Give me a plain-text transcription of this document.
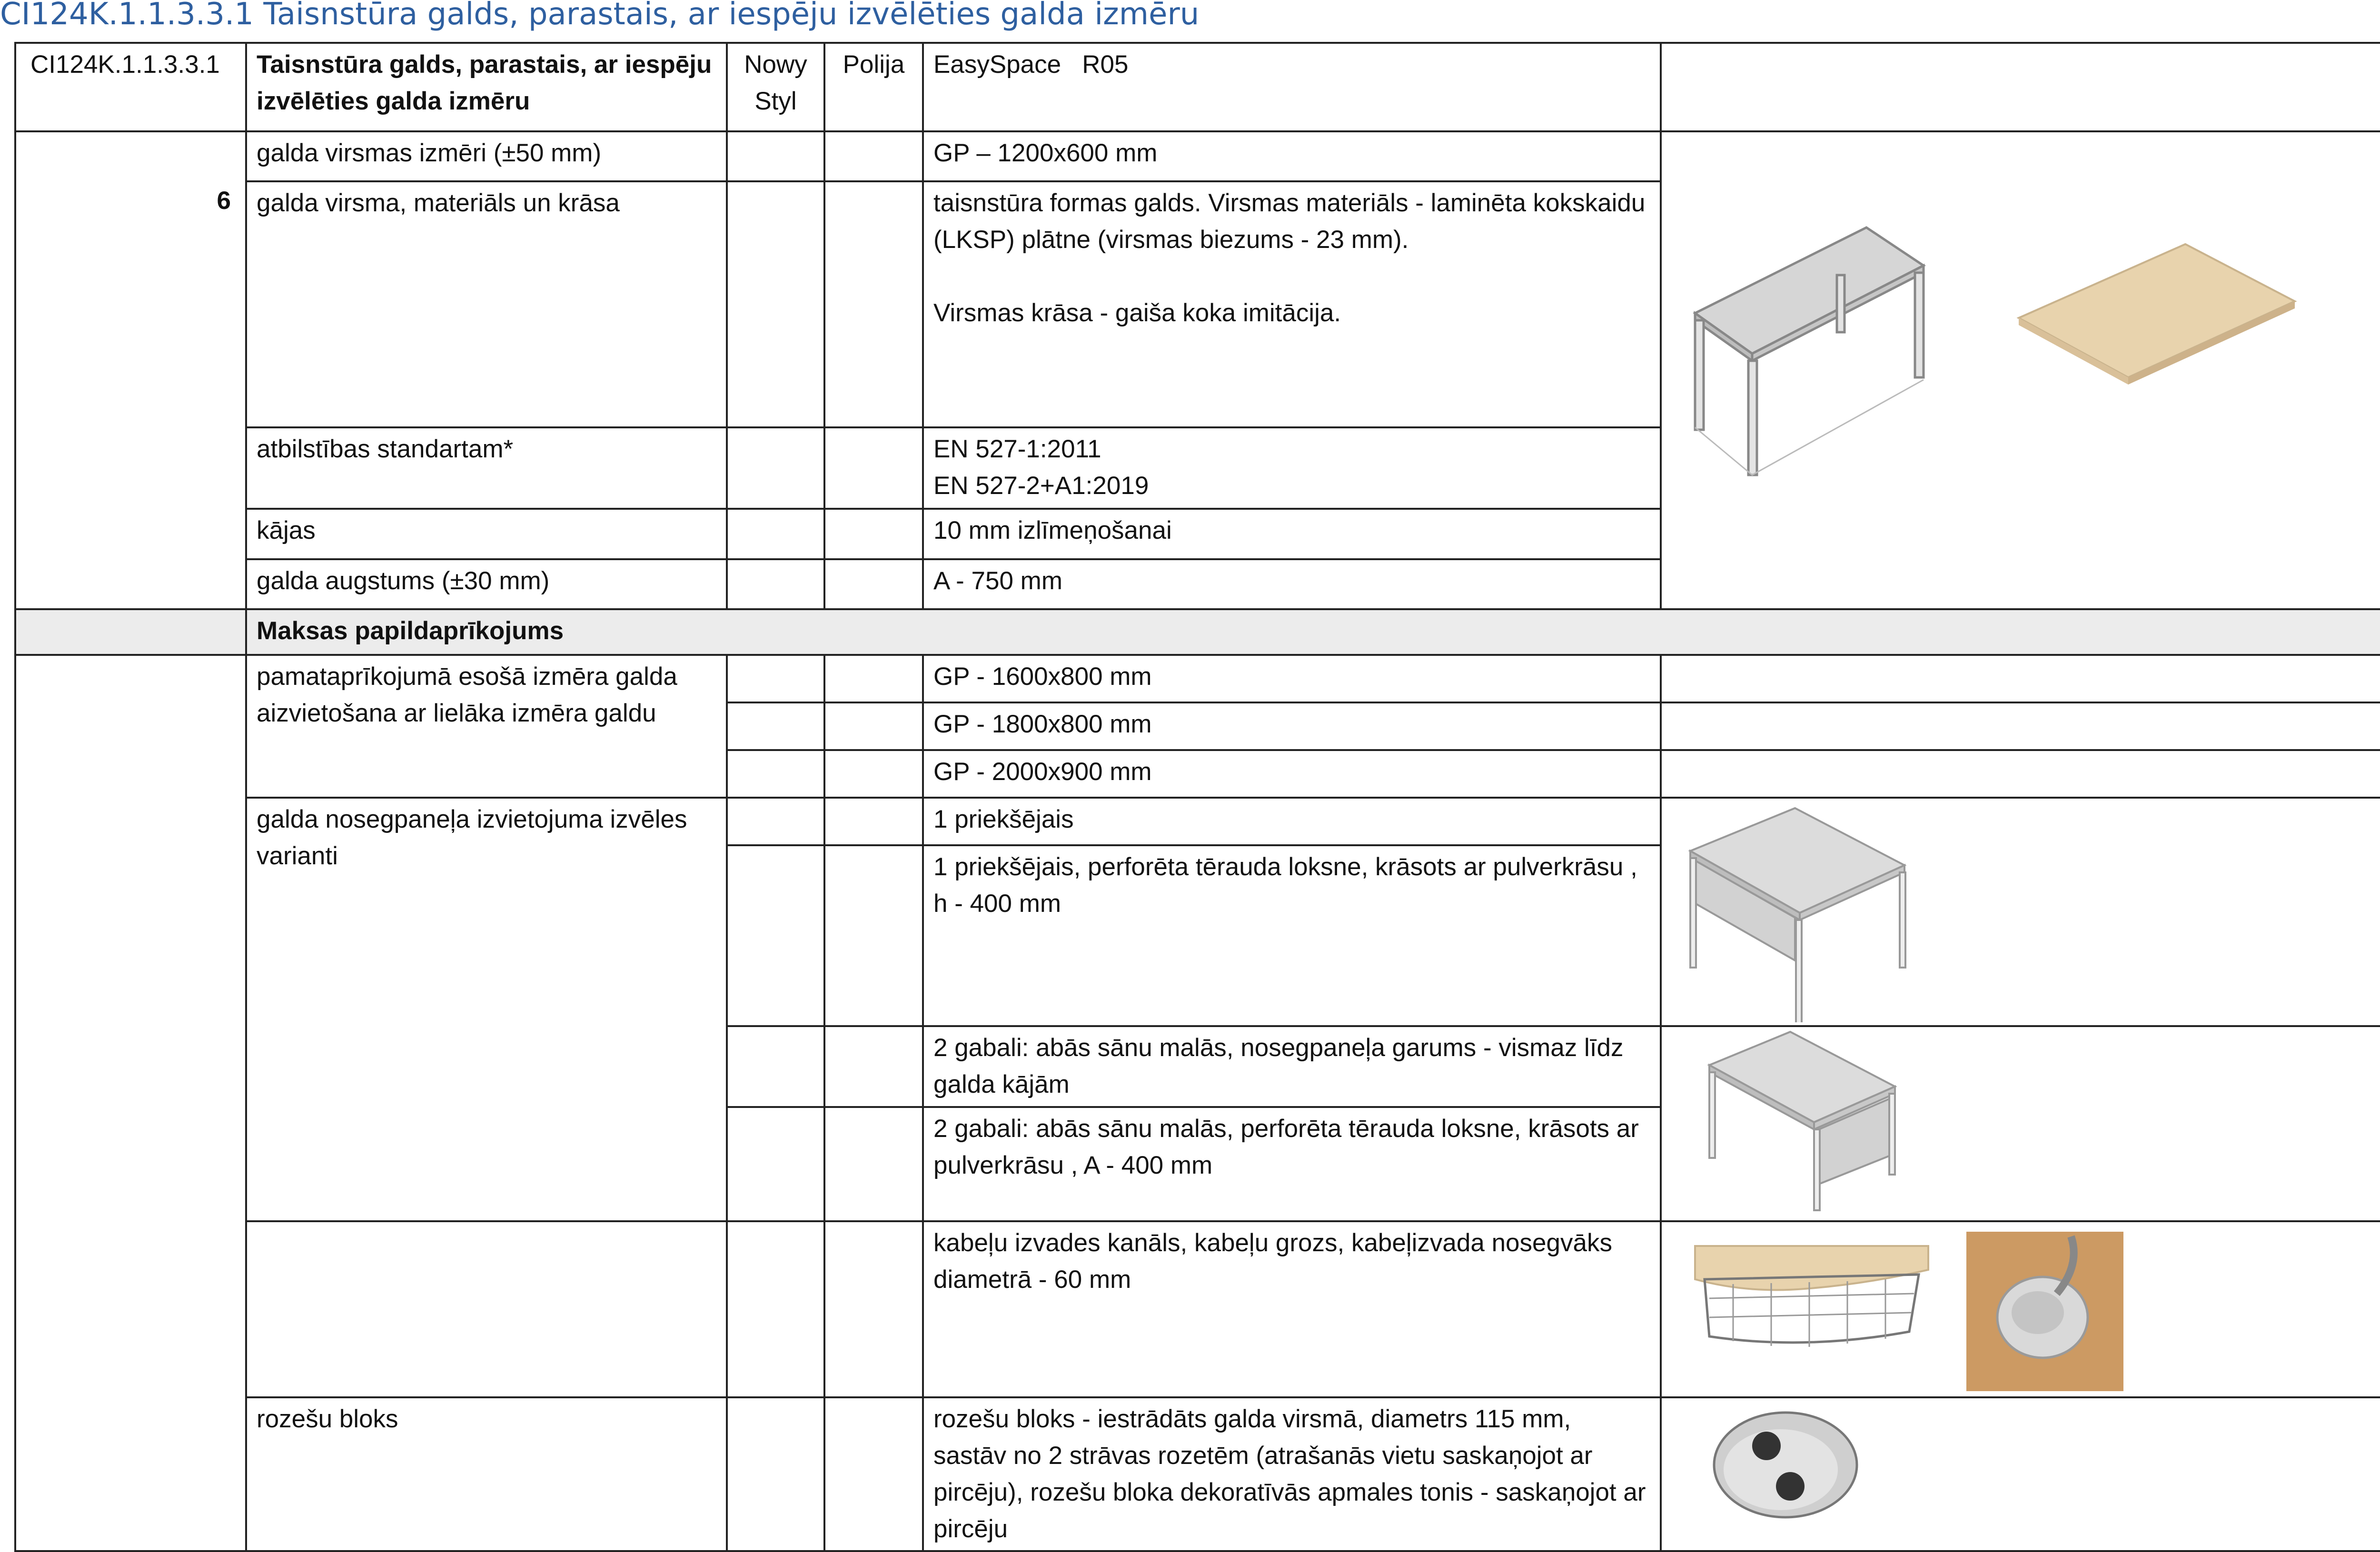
CI124K.1.1.3.3.1 Taisnstūra galds, parastais, ar iespēju izvēlēties galda izmēru
CI124K.1.1.3.3.1	Taisnstūra galds, parastais, ar iespēju izvēlēties galda izmēru	Nowy
Styl	Polija	EasySpace   R05	

6	galda virsmas izmēri (±50 mm)			GP – 1200x600 mm	

	galda virsma, materiāls un krāsa			taisnstūra formas galds. Virsmas materiāls - laminēta kokskaidu (LKSP) plātne (virsmas biezums - 23 mm).

Virsmas krāsa - gaiša koka imitācija.	
	atbilstības standartam*			EN 527-1:2011
EN 527-2+A1:2019	
	kājas			10 mm izlīmeņošanai	
	galda augstums (±30 mm)			A - 750 mm	
	Maksas papildaprīkojums				
	pamataprīkojumā esošā izmēra galda aizvietošana ar lielāka izmēra galdu			GP - 1600x800 mm	
				GP - 1800x800 mm	
				GP - 2000x900 mm	
	galda nosegpaneļa izvietojuma izvēles varianti			1 priekšējais	

				1 priekšējais, perforēta tērauda loksne, krāsots ar pulverkrāsu , h - 400 mm	
				2 gabali: abās sānu malās, nosegpaneļa garums - vismaz līdz galda kājām	

				2 gabali: abās sānu malās, perforēta tērauda loksne, krāsots ar pulverkrāsu , A - 400 mm	
				kabeļu izvades kanāls, kabeļu grozs, kabeļizvada nosegvāks diametrā - 60 mm	

	rozešu bloks			rozešu bloks - iestrādāts galda virsmā, diametrs 115 mm, sastāv no 2 strāvas rozetēm (atrašanās vietu saskaņojot ar pircēju), rozešu bloka dekoratīvās apmales tonis - saskaņojot ar pircēju	
